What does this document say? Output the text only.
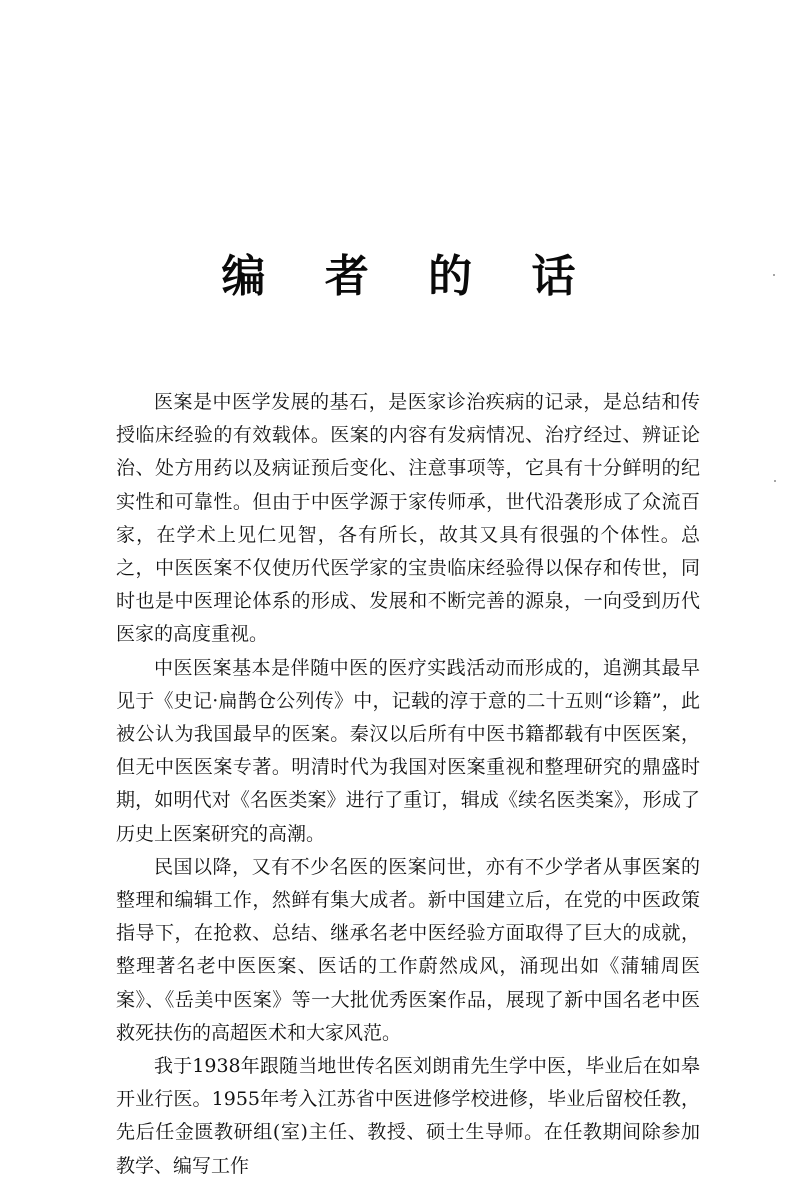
编 者 的 话

医案是中医学发展的基石，是医家诊治疾病的记录，是总结和传授临床经验的有效载体。医案的内容有发病情况、治疗经过、辨证论治、处方用药以及病证预后变化、注意事项等，它具有十分鲜明的纪实性和可靠性。但由于中医学源于家传师承，世代沿袭形成了众流百家，在学术上见仁见智，各有所长，故其又具有很强的个体性。总之，中医医案不仅使历代医学家的宝贵临床经验得以保存和传世，同时也是中医理论体系的形成、发展和不断完善的源泉，一向受到历代医家的高度重视。

中医医案基本是伴随中医的医疗实践活动而形成的，追溯其最早见于《史记·扁鹊仓公列传》中，记载的淳于意的二十五则“诊籍”，此被公认为我国最早的医案。秦汉以后所有中医书籍都载有中医医案，但无中医医案专著。明清时代为我国对医案重视和整理研究的鼎盛时期，如明代对《名医类案》进行了重订，辑成《续名医类案》，形成了历史上医案研究的高潮。

民国以降，又有不少名医的医案问世，亦有不少学者从事医案的整理和编辑工作，然鲜有集大成者。新中国建立后，在党的中医政策指导下，在抢救、总结、继承名老中医经验方面取得了巨大的成就，整理著名老中医医案、医话的工作蔚然成风，涌现出如《蒲辅周医案》、《岳美中医案》等一大批优秀医案作品，展现了新中国名老中医救死扶伤的高超医术和大家风范。

我于1938年跟随当地世传名医刘朗甫先生学中医，毕业后在如皋开业行医。1955年考入江苏省中医进修学校进修，毕业后留校任教，先后任金匮教研组(室)主任、教授、硕士生导师。在任教期间除参加教学、编写工作
